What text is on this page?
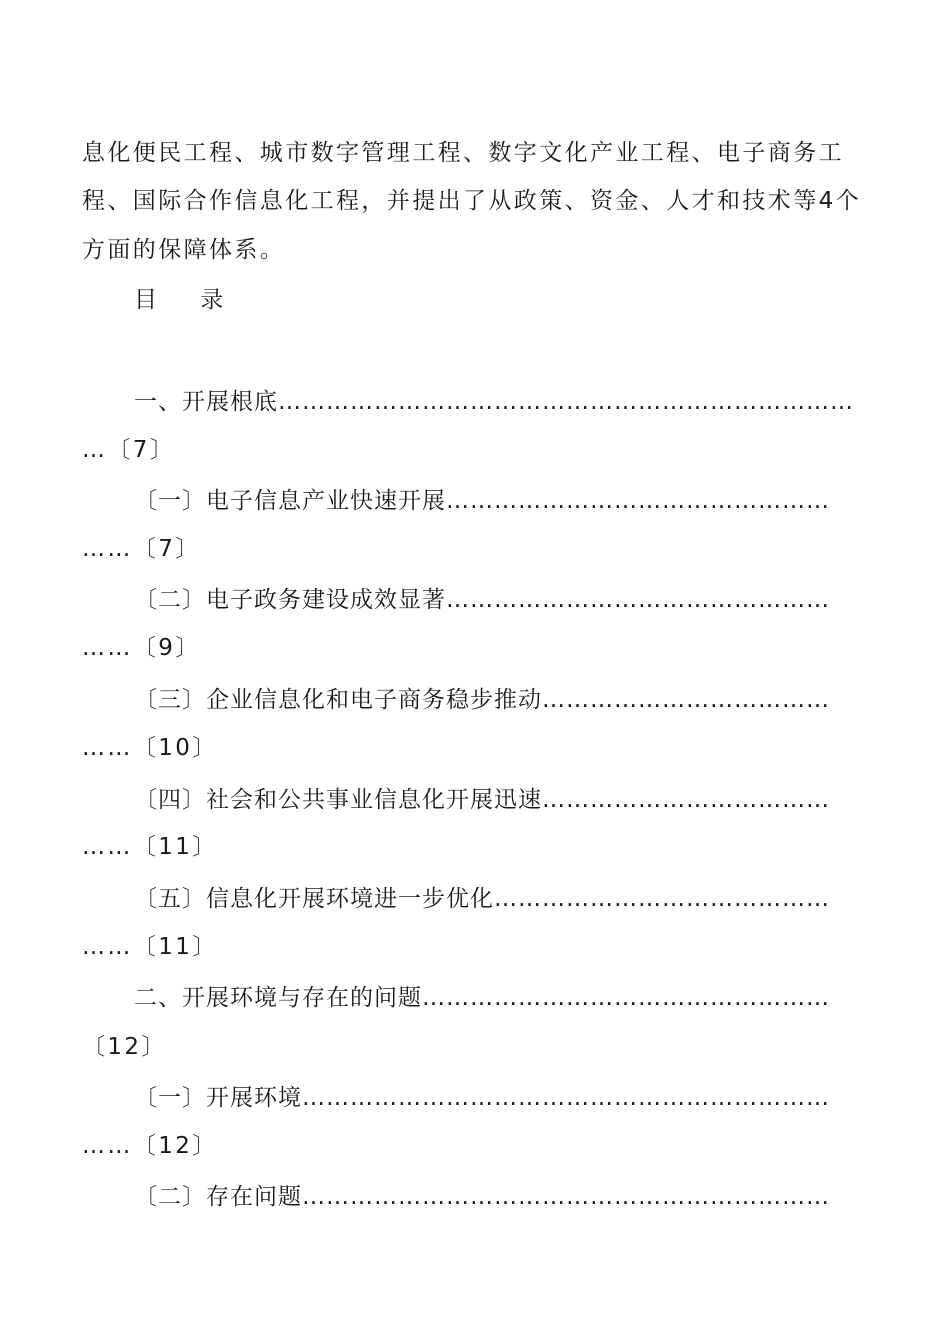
息化便民工程、城市数字管理工程、数字文化产业工程、电子商务工
程、国际合作信息化工程，并提出了从政策、资金、人才和技术等4个
方面的保障体系。
目 录
一、开展根底………………………………………………………………
…〔7〕
〔一〕电子信息产业快速开展…………………………………………
……〔7〕
〔二〕电子政务建设成效显著…………………………………………
……〔9〕
〔三〕企业信息化和电子商务稳步推动………………………………
……〔10〕
〔四〕社会和公共事业信息化开展迅速………………………………
……〔11〕
〔五〕信息化开展环境进一步优化……………………………………
……〔11〕
二、开展环境与存在的问题……………………………………………
〔12〕
〔一〕开展环境…………………………………………………………
……〔12〕
〔二〕存在问题…………………………………………………………
